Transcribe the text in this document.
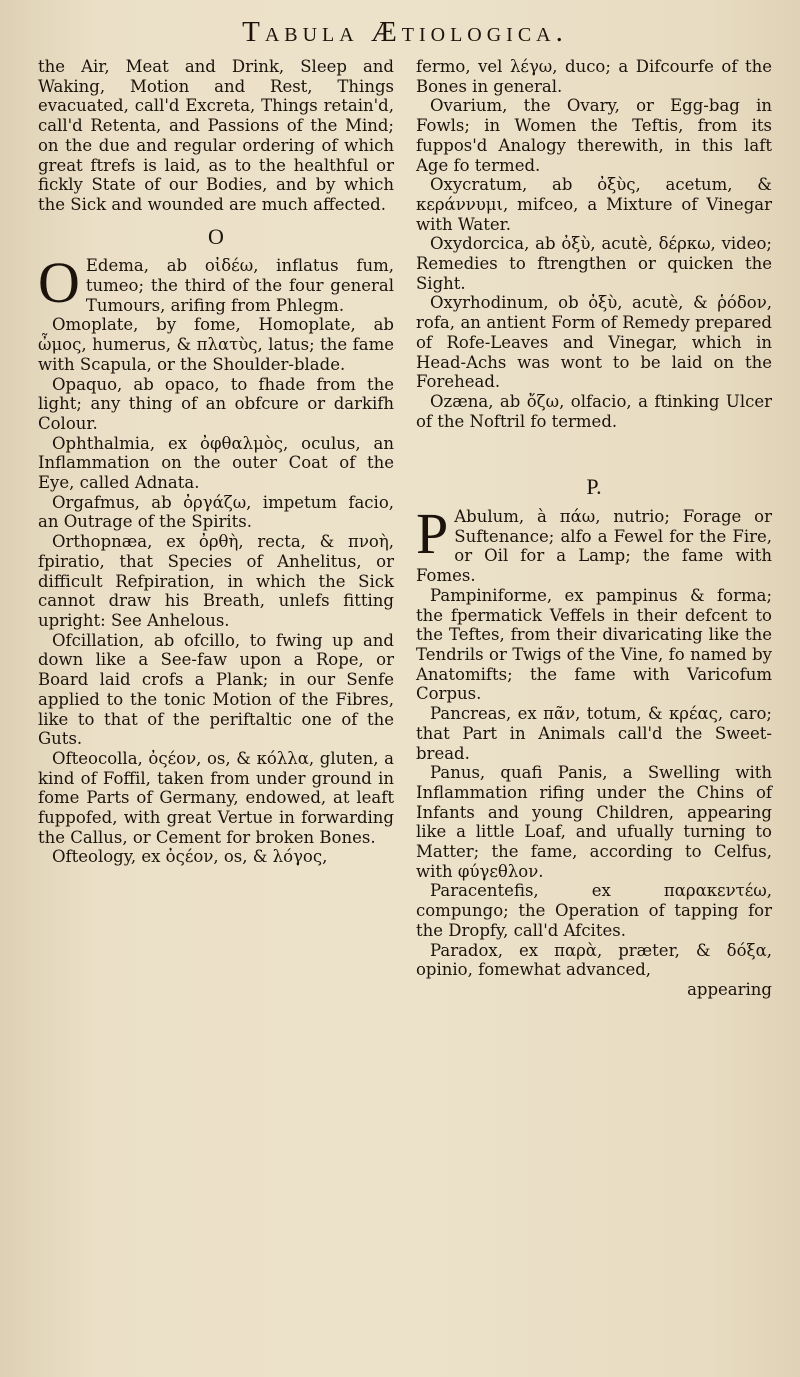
Tabula Ætiologica.

the Air, Meat and Drink, Sleep and Waking, Motion and Rest, Things evacuated, call'd Excreta, Things retain'd, call'd Retenta, and Passions of the Mind; on the due and regular ordering of which great ftrefs is laid, as to the healthful or fickly State of our Bodies, and by which the Sick and wounded are much affected.

O

O Edema, ab οἰδέω, inflatus fum, tumeo; the third of the four general Tumours, arifing from Phlegm.

Omoplate, by fome, Homoplate, ab ὦμος, humerus, & πλατὺς, latus; the fame with Scapula, or the Shoulder-blade.

Opaquo, ab opaco, to fhade from the light; any thing of an obfcure or darkifh Colour.

Ophthalmia, ex ὀφθαλμὸς, oculus, an Inflammation on the outer Coat of the Eye, called Adnata.

Orgafmus, ab ὀργάζω, impetum facio, an Outrage of the Spirits.

Orthopnæa, ex ὀρθὴ, recta, & πνοὴ, fpiratio, that Species of Anhelitus, or difficult Refpiration, in which the Sick cannot draw his Breath, unlefs fitting upright: See Anhelous.

Ofcillation, ab ofcillo, to fwing up and down like a See-faw upon a Rope, or Board laid crofs a Plank; in our Senfe applied to the tonic Motion of the Fibres, like to that of the periftaltic one of the Guts.

Ofteocolla, ὀςέον, os, & κόλλα, gluten, a kind of Foffil, taken from under ground in fome Parts of Germany, endowed, at leaft fuppofed, with great Vertue in forwarding the Callus, or Cement for broken Bones.

Ofteology, ex ὀςέον, os, & λόγος,

fermo, vel λέγω, duco; a Difcourfe of the Bones in general.

Ovarium, the Ovary, or Egg-bag in Fowls; in Women the Teftis, from its fuppos'd Analogy therewith, in this laft Age fo termed.

Oxycratum, ab ὀξὺς, acetum, & κεράννυμι, mifceo, a Mixture of Vinegar with Water.

Oxydorcica, ab ὀξὺ, acutè, δέρκω, video; Remedies to ftrengthen or quicken the Sight.

Oxyrhodinum, ob ὀξὺ, acutè, & ῥόδον, rofa, an antient Form of Remedy prepared of Rofe-Leaves and Vinegar, which in Head-Achs was wont to be laid on the Forehead.

Ozæna, ab ὄζω, olfacio, a ftinking Ulcer of the Noftril fo termed.

P.

P Abulum, à πάω, nutrio; Forage or Suftenance; alfo a Fewel for the Fire, or Oil for a Lamp; the fame with Fomes.

Pampiniforme, ex pampinus & forma; the fpermatick Veffels in their defcent to the Teftes, from their divaricating like the Tendrils or Twigs of the Vine, fo named by Anatomifts; the fame with Varicofum Corpus.

Pancreas, ex πᾶν, totum, & κρέας, caro; that Part in Animals call'd the Sweet-bread.

Panus, quafi Panis, a Swelling with Inflammation rifing under the Chins of Infants and young Children, appearing like a little Loaf, and ufually turning to Matter; the fame, according to Celfus, with φύγεθλον.

Paracentefis, ex παρακεντέω, compungo; the Operation of tapping for the Dropfy, call'd Afcites.

Paradox, ex παρὰ, præter, & δόξα, opinio, fomewhat advanced,

appearing
